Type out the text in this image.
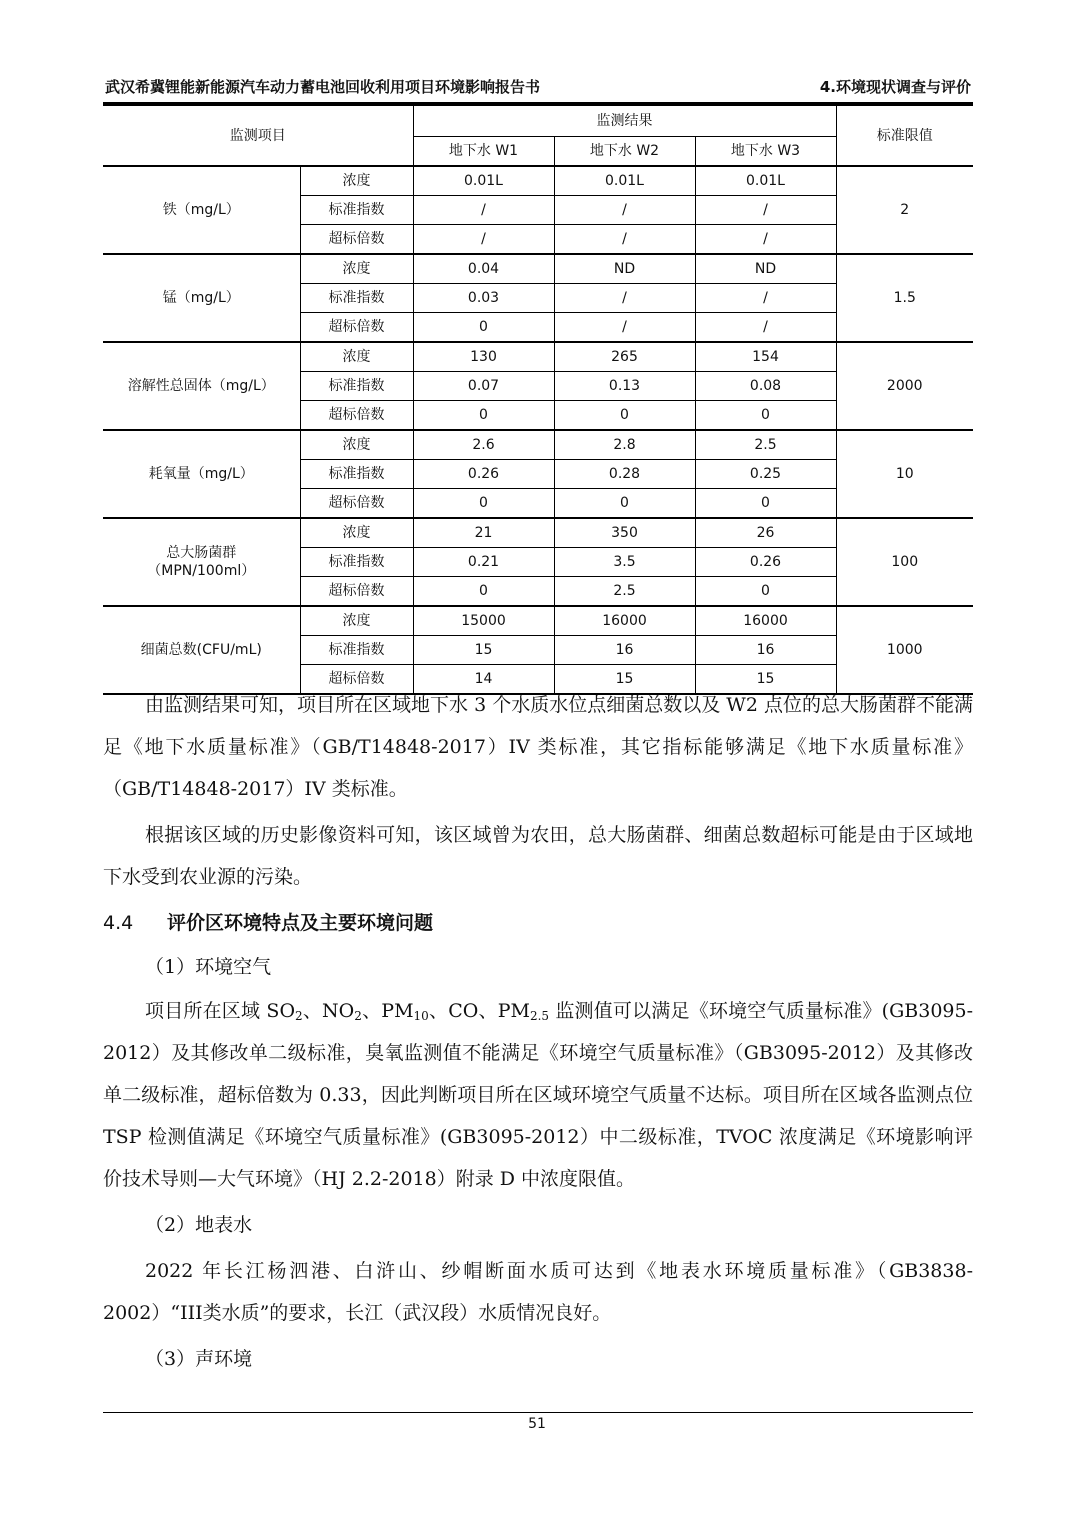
武汉希冀锂能新能源汽车动力蓄电池回收利用项目环境影响报告书	4.环境现状调查与评价
监测项目		监测结果			标准限值
		地下水 W1	地下水 W2	地下水 W3	

铁（mg/L）	浓度	0.01L	0.01L	0.01L	2
	标准指数	/	/	/	
	超标倍数	/	/	/	

锰（mg/L）	浓度	0.04	ND	ND	1.5
	标准指数	0.03	/	/	
	超标倍数	0	/	/	

溶解性总固体（mg/L）	浓度	130	265	154	2000
	标准指数	0.07	0.13	0.08	
	超标倍数	0	0	0	

耗氧量（mg/L）	浓度	2.6	2.8	2.5	10
	标准指数	0.26	0.28	0.25	
	超标倍数	0	0	0	

总大肠菌群
（MPN/100ml）	浓度	21	350	26	100
	标准指数	0.21	3.5	0.26	
	超标倍数	0	2.5	0	

细菌总数(CFU/mL)	浓度	15000	16000	16000	1000
	标准指数	15	16	16	
	超标倍数	14	15	15	

由监测结果可知，项目所在区域地下水 3 个水质水位点细菌总数以及 W2 点位的总大肠菌群不能满足《地下水质量标准》（GB/T14848-2017）IV 类标准，其它指标能够满足《地下水质量标准》（GB/T14848-2017）IV 类标准。

根据该区域的历史影像资料可知，该区域曾为农田，总大肠菌群、细菌总数超标可能是由于区域地下水受到农业源的污染。

4.4 评价区环境特点及主要环境问题

（1）环境空气

项目所在区域 $SO_2$、$NO_2$、$PM_{10}$、CO、$PM_{2.5}$ 监测值可以满足《环境空气质量标准》(GB3095-2012）及其修改单二级标准，臭氧监测值不能满足《环境空气质量标准》（GB3095-2012）及其修改单二级标准，超标倍数为 0.33，因此判断项目所在区域环境空气质量不达标。项目所在区域各监测点位 TSP 检测值满足《环境空气质量标准》(GB3095-2012）中二级标准，TVOC 浓度满足《环境影响评价技术导则—大气环境》（HJ 2.2-2018）附录 D 中浓度限值。

（2）地表水

2022 年长江杨泗港、白浒山、纱帽断面水质可达到《地表水环境质量标准》（GB3838-2002）“III类水质”的要求，长江（武汉段）水质情况良好。

（3）声环境

51
